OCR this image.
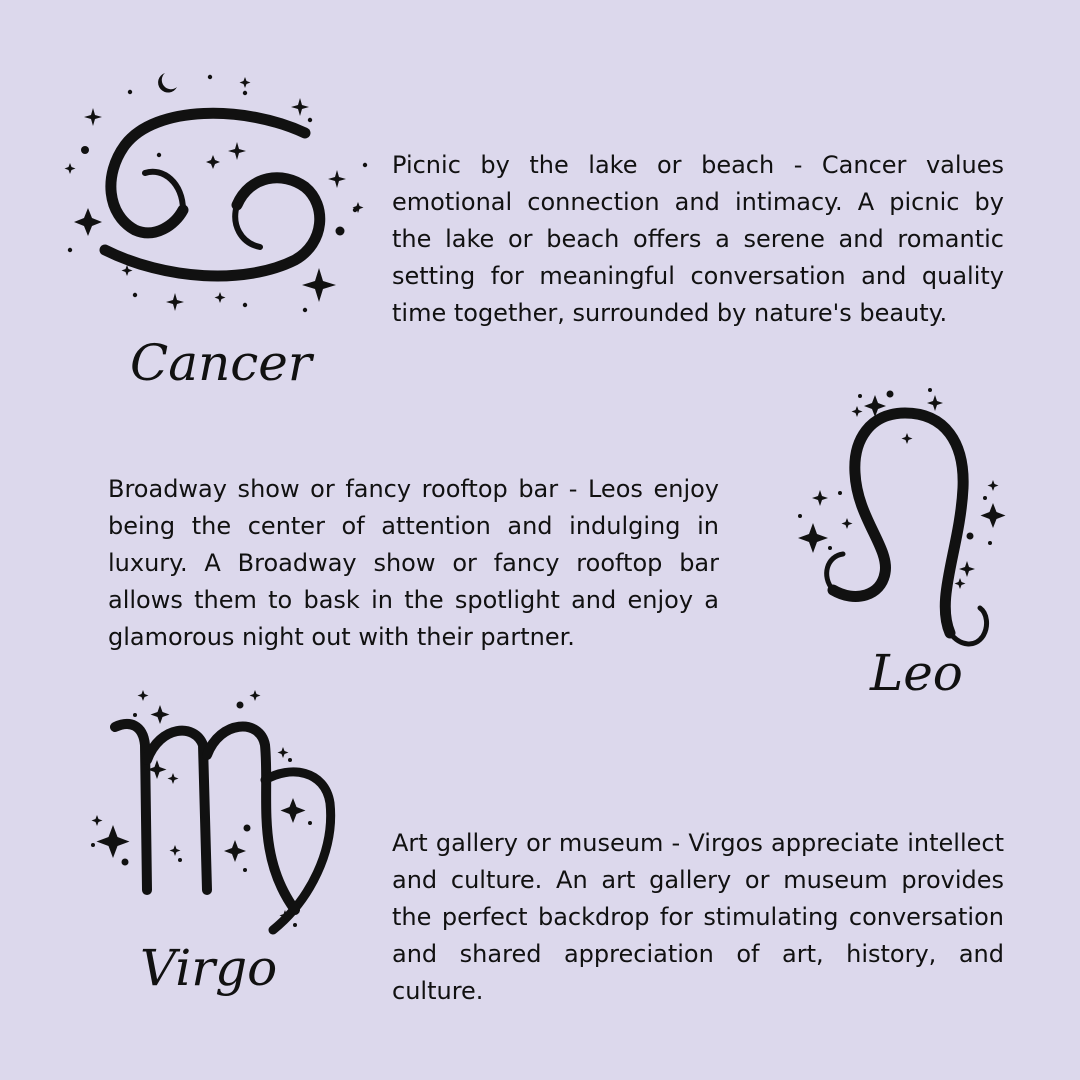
Cancer

Picnic by the lake or beach - Cancer values emotional connection and intimacy. A picnic by the lake or beach offers a serene and romantic setting for meaningful conversation and quality time together, surrounded by nature's beauty.

Broadway show or fancy rooftop bar - Leos enjoy being the center of attention and indulging in luxury. A Broadway show or fancy rooftop bar allows them to bask in the spotlight and enjoy a glamorous night out with their partner.

Leo
Virgo

Art gallery or museum - Virgos appreciate intellect and culture. An art gallery or museum provides the perfect backdrop for stimulating conversation and shared appreciation of art, history, and culture.
